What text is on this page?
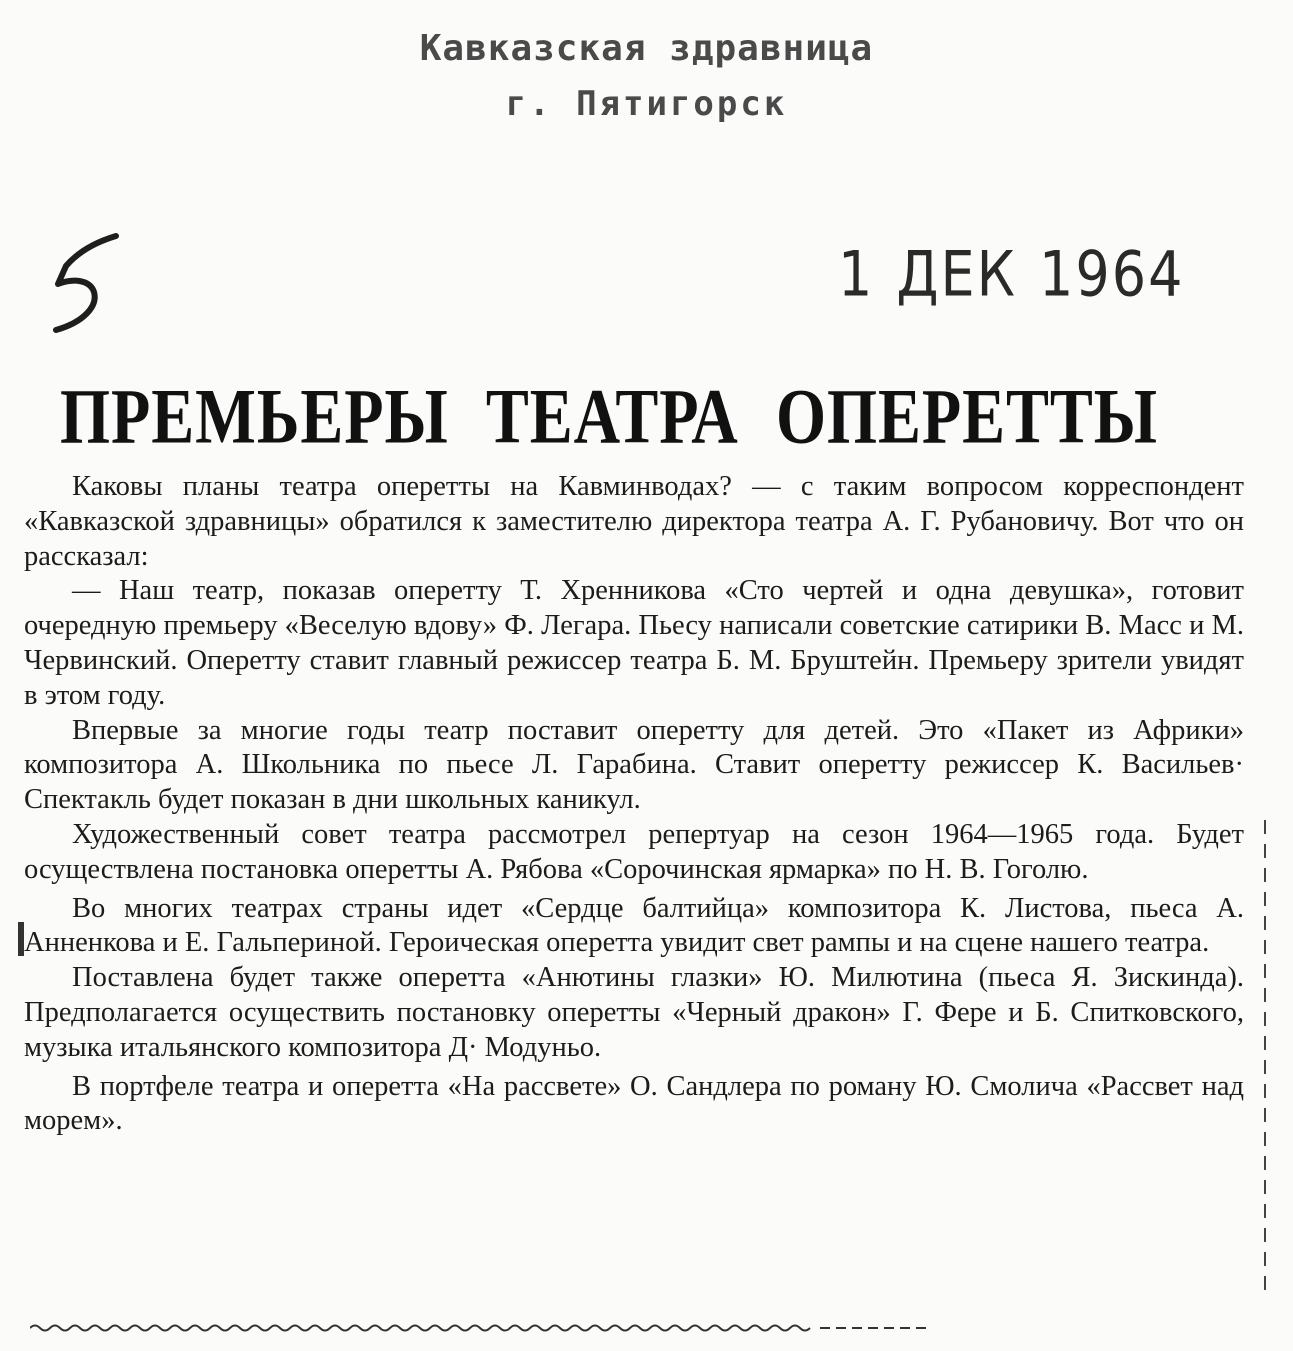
Кавказская здравница
г. Пятигорск
1 ДЕК 1964
ПРЕМЬЕРЫ ТЕАТРА ОПЕРЕТТЫ

Каковы планы театра оперетты на Кавминводах? — с таким вопросом корреспондент «Кавказской здравницы» обратился к заместителю директора театра А. Г. Рубановичу. Вот что он рассказал:

— Наш театр, показав оперетту Т. Хренникова «Сто чертей и одна девушка», готовит очередную премьеру «Веселую вдову» Ф. Легара. Пьесу написали советские сатирики В. Масс и М. Червинский. Оперетту ставит главный режиссер театра Б. М. Бруштейн. Премьеру зрители увидят в этом году.

Впервые за многие годы театр поставит оперетту для детей. Это «Пакет из Африки» композитора А. Школьника по пьесе Л. Гарабина. Ставит оперетту режиссер К. Васильев· Спектакль будет показан в дни школьных каникул.

Художественный совет театра рассмотрел репертуар на сезон 1964—1965 года. Будет осуществлена постановка оперетты А. Рябова «Сорочинская ярмарка» по Н. В. Гоголю.

Во многих театрах страны идет «Сердце балтийца» композитора К. Листова, пьеса А. Анненкова и Е. Гальпериной. Героическая оперетта увидит свет рампы и на сцене нашего театра.

Поставлена будет также оперетта «Анютины глазки» Ю. Милютина (пьеса Я. Зискинда). Предполагается осуществить постановку оперетты «Черный дракон» Г. Фере и Б. Спитковского, музыка итальянского композитора Д· Модуньо.

В портфеле театра и оперетта «На рассвете» О. Сандлера по роману Ю. Смолича «Рассвет над морем».
